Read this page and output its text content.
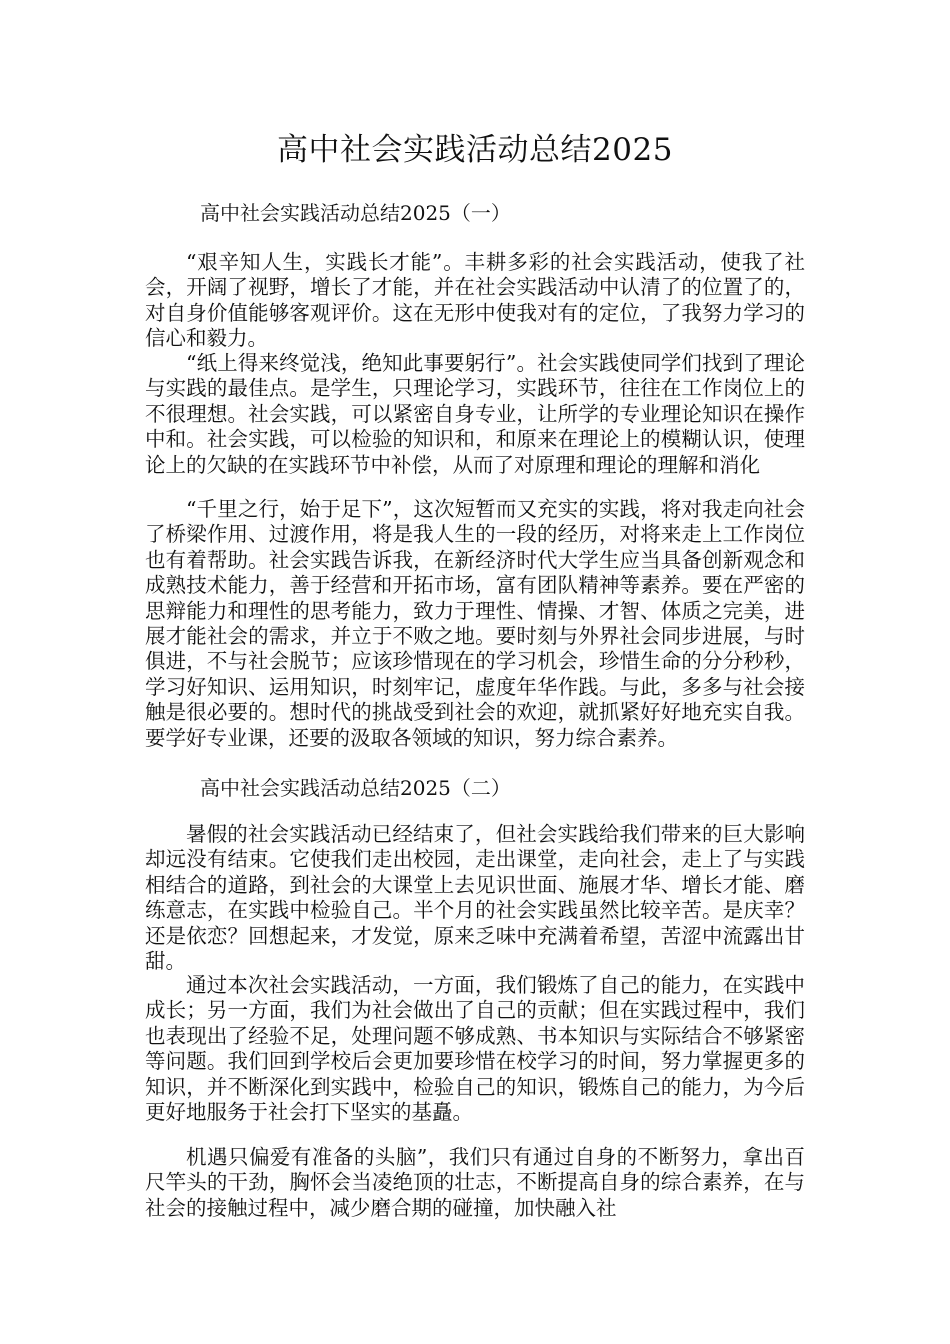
高中社会实践活动总结2025

高中社会实践活动总结2025（一）

“艰辛知人生，实践长才能”。丰耕多彩的社会实践活动，使我了社会，开阔了视野，增长了才能，并在社会实践活动中认清了的位置了的，对自身价值能够客观评价。这在无形中使我对有的定位，了我努力学习的信心和毅力。

“纸上得来终觉浅，绝知此事要躬行”。社会实践使同学们找到了理论与实践的最佳点。是学生，只理论学习，实践环节，往往在工作岗位上的不很理想。社会实践，可以紧密自身专业，让所学的专业理论知识在操作中和。社会实践，可以检验的知识和，和原来在理论上的模糊认识，使理论上的欠缺的在实践环节中补偿，从而了对原理和理论的理解和消化

“千里之行，始于足下”，这次短暂而又充实的实践，将对我走向社会了桥梁作用、过渡作用，将是我人生的一段的经历，对将来走上工作岗位也有着帮助。社会实践告诉我，在新经济时代大学生应当具备创新观念和成熟技术能力，善于经营和开拓市场，富有团队精神等素养。要在严密的思辩能力和理性的思考能力，致力于理性、情操、才智、体质之完美，进展才能社会的需求，并立于不败之地。要时刻与外界社会同步进展，与时俱进，不与社会脱节；应该珍惜现在的学习机会，珍惜生命的分分秒秒，学习好知识、运用知识，时刻牢记，虚度年华作践。与此，多多与社会接触是很必要的。想时代的挑战受到社会的欢迎，就抓紧好好地充实自我。要学好专业课，还要的汲取各领域的知识，努力综合素养。

高中社会实践活动总结2025（二）

暑假的社会实践活动已经结束了，但社会实践给我们带来的巨大影响却远没有结束。它使我们走出校园，走出课堂，走向社会，走上了与实践相结合的道路，到社会的大课堂上去见识世面、施展才华、增长才能、磨练意志，在实践中检验自己。半个月的社会实践虽然比较辛苦。是庆幸？还是依恋？回想起来，才发觉，原来乏味中充满着希望，苦涩中流露出甘甜。

通过本次社会实践活动，一方面，我们锻炼了自己的能力，在实践中成长；另一方面，我们为社会做出了自己的贡献；但在实践过程中，我们也表现出了经验不足，处理问题不够成熟、书本知识与实际结合不够紧密等问题。我们回到学校后会更加要珍惜在校学习的时间，努力掌握更多的知识，并不断深化到实践中，检验自己的知识，锻炼自己的能力，为今后更好地服务于社会打下坚实的基矗。

机遇只偏爱有准备的头脑”，我们只有通过自身的不断努力，拿出百尺竿头的干劲，胸怀会当凌绝顶的壮志，不断提高自身的综合素养，在与社会的接触过程中，减少磨合期的碰撞，加快融入社
